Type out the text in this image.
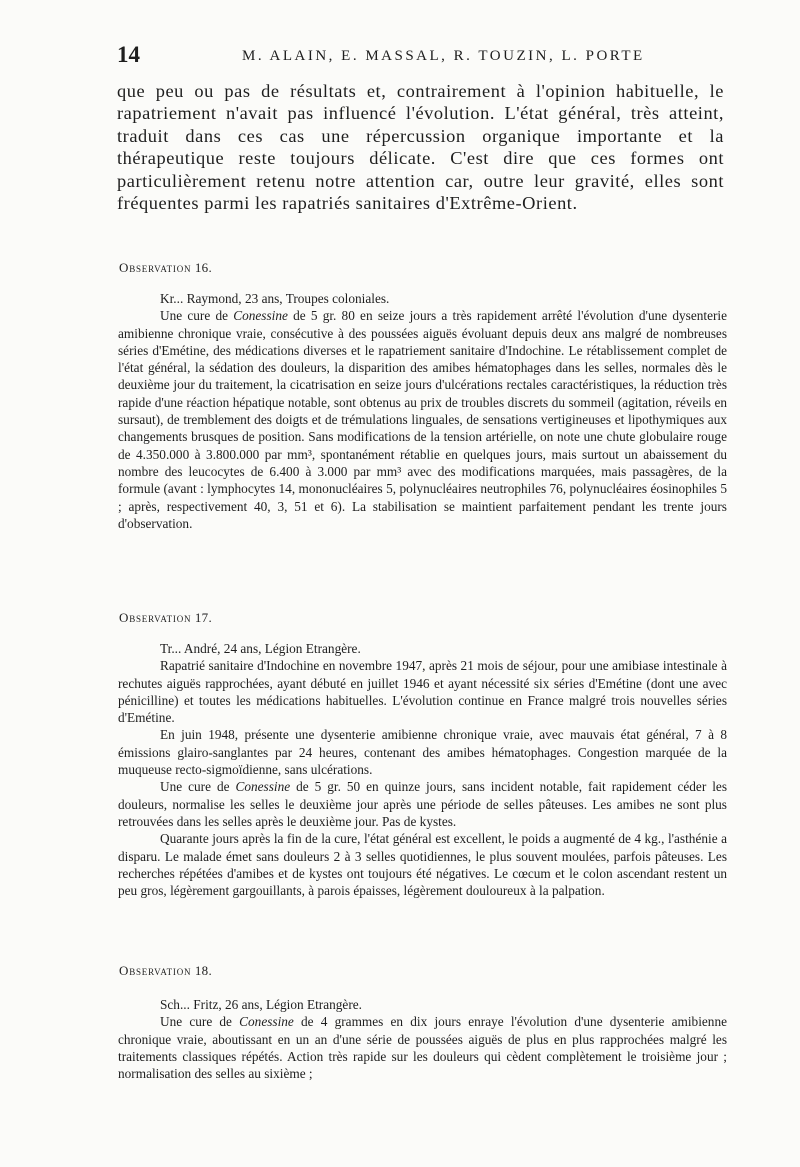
14	M. ALAIN, E. MASSAL, R. TOUZIN, L. PORTE

que peu ou pas de résultats et, contrairement à l'opinion habituelle, le rapatriement n'avait pas influencé l'évolution. L'état général, très atteint, traduit dans ces cas une répercussion organique importante et la thérapeutique reste toujours délicate. C'est dire que ces formes ont particulièrement retenu notre attention car, outre leur gravité, elles sont fréquentes parmi les rapatriés sanitaires d'Extrême-Orient.

Observation 16.

Kr... Raymond, 23 ans, Troupes coloniales.

Une cure de Conessine de 5 gr. 80 en seize jours a très rapidement arrêté l'évolution d'une dysenterie amibienne chronique vraie, consécutive à des poussées aiguës évoluant depuis deux ans malgré de nombreuses séries d'Emétine, des médications diverses et le rapatriement sanitaire d'Indochine. Le rétablissement complet de l'état général, la sédation des douleurs, la disparition des amibes hématophages dans les selles, normales dès le deuxième jour du traitement, la cicatrisation en seize jours d'ulcérations rectales caractéristiques, la réduction très rapide d'une réaction hépatique notable, sont obtenus au prix de troubles discrets du sommeil (agitation, réveils en sursaut), de tremblement des doigts et de trémulations linguales, de sensations vertigineuses et lipothymiques aux changements brusques de position. Sans modifications de la tension artérielle, on note une chute globulaire rouge de 4.350.000 à 3.800.000 par mm³, spontanément rétablie en quelques jours, mais surtout un abaissement du nombre des leucocytes de 6.400 à 3.000 par mm³ avec des modifications marquées, mais passagères, de la formule (avant : lymphocytes 14, mononucléaires 5, polynucléaires neutrophiles 76, polynucléaires éosinophiles 5 ; après, respectivement 40, 3, 51 et 6). La stabilisation se maintient parfaitement pendant les trente jours d'observation.

Observation 17.

Tr... André, 24 ans, Légion Etrangère.

Rapatrié sanitaire d'Indochine en novembre 1947, après 21 mois de séjour, pour une amibiase intestinale à rechutes aiguës rapprochées, ayant débuté en juillet 1946 et ayant nécessité six séries d'Emétine (dont une avec pénicilline) et toutes les médications habituelles. L'évolution continue en France malgré trois nouvelles séries d'Emétine.

En juin 1948, présente une dysenterie amibienne chronique vraie, avec mauvais état général, 7 à 8 émissions glairo-sanglantes par 24 heures, contenant des amibes hématophages. Congestion marquée de la muqueuse recto-sigmoïdienne, sans ulcérations.

Une cure de Conessine de 5 gr. 50 en quinze jours, sans incident notable, fait rapidement céder les douleurs, normalise les selles le deuxième jour après une période de selles pâteuses. Les amibes ne sont plus retrouvées dans les selles après le deuxième jour. Pas de kystes.

Quarante jours après la fin de la cure, l'état général est excellent, le poids a augmenté de 4 kg., l'asthénie a disparu. Le malade émet sans douleurs 2 à 3 selles quotidiennes, le plus souvent moulées, parfois pâteuses. Les recherches répétées d'amibes et de kystes ont toujours été négatives. Le cœcum et le colon ascendant restent un peu gros, légèrement gargouillants, à parois épaisses, légèrement douloureux à la palpation.

Observation 18.

Sch... Fritz, 26 ans, Légion Etrangère.

Une cure de Conessine de 4 grammes en dix jours enraye l'évolution d'une dysenterie amibienne chronique vraie, aboutissant en un an d'une série de poussées aiguës de plus en plus rapprochées malgré les traitements classiques répétés. Action très rapide sur les douleurs qui cèdent complètement le troisième jour ; normalisation des selles au sixième ;
